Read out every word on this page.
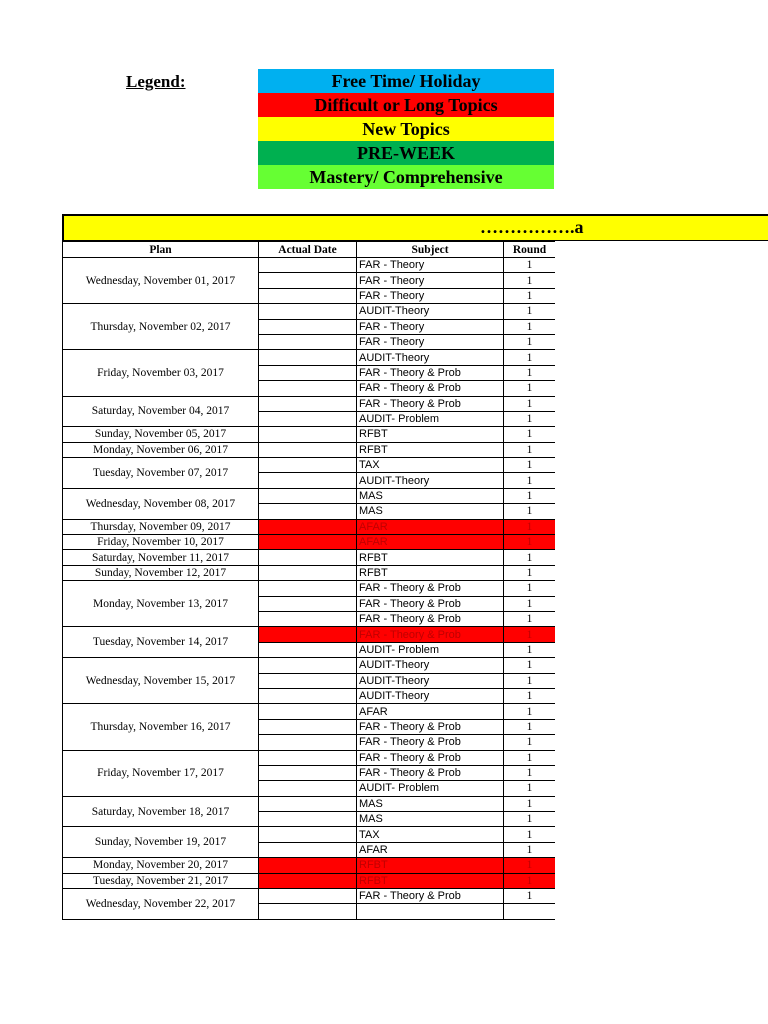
Legend:	Free Time/ Holiday
Difficult or Long Topics
New Topics
PRE-WEEK
Mastery/ Comprehensive
…………….a
Plan	Actual Date	Subject	Round
Wednesday, November 01, 2017		FAR - Theory	1
		FAR - Theory	1
		FAR - Theory	1
Thursday, November 02, 2017		AUDIT-Theory	1
		FAR - Theory	1
		FAR - Theory	1
Friday, November 03, 2017		AUDIT-Theory	1
		FAR - Theory & Prob	1
		FAR - Theory & Prob	1
Saturday, November 04, 2017		FAR - Theory & Prob	1
		AUDIT- Problem	1
Sunday, November 05, 2017		RFBT	1
Monday, November 06, 2017		RFBT	1
Tuesday, November 07, 2017		TAX	1
		AUDIT-Theory	1
Wednesday, November 08, 2017		MAS	1
		MAS	1
Thursday, November 09, 2017		AFAR	1
Friday, November 10, 2017		AFAR	1
Saturday, November 11, 2017		RFBT	1
Sunday, November 12, 2017		RFBT	1
Monday, November 13, 2017		FAR - Theory & Prob	1
		FAR - Theory & Prob	1
		FAR - Theory & Prob	1
Tuesday, November 14, 2017		FAR - Theory & Prob	1
		AUDIT- Problem	1
Wednesday, November 15, 2017		AUDIT-Theory	1
		AUDIT-Theory	1
		AUDIT-Theory	1
Thursday, November 16, 2017		AFAR	1
		FAR - Theory & Prob	1
		FAR - Theory & Prob	1
Friday, November 17, 2017		FAR - Theory & Prob	1
		FAR - Theory & Prob	1
		AUDIT- Problem	1
Saturday, November 18, 2017		MAS	1
		MAS	1
Sunday, November 19, 2017		TAX	1
		AFAR	1
Monday, November 20, 2017		RFBT	1
Tuesday, November 21, 2017		RFBT	1
Wednesday, November 22, 2017		FAR - Theory & Prob	1
